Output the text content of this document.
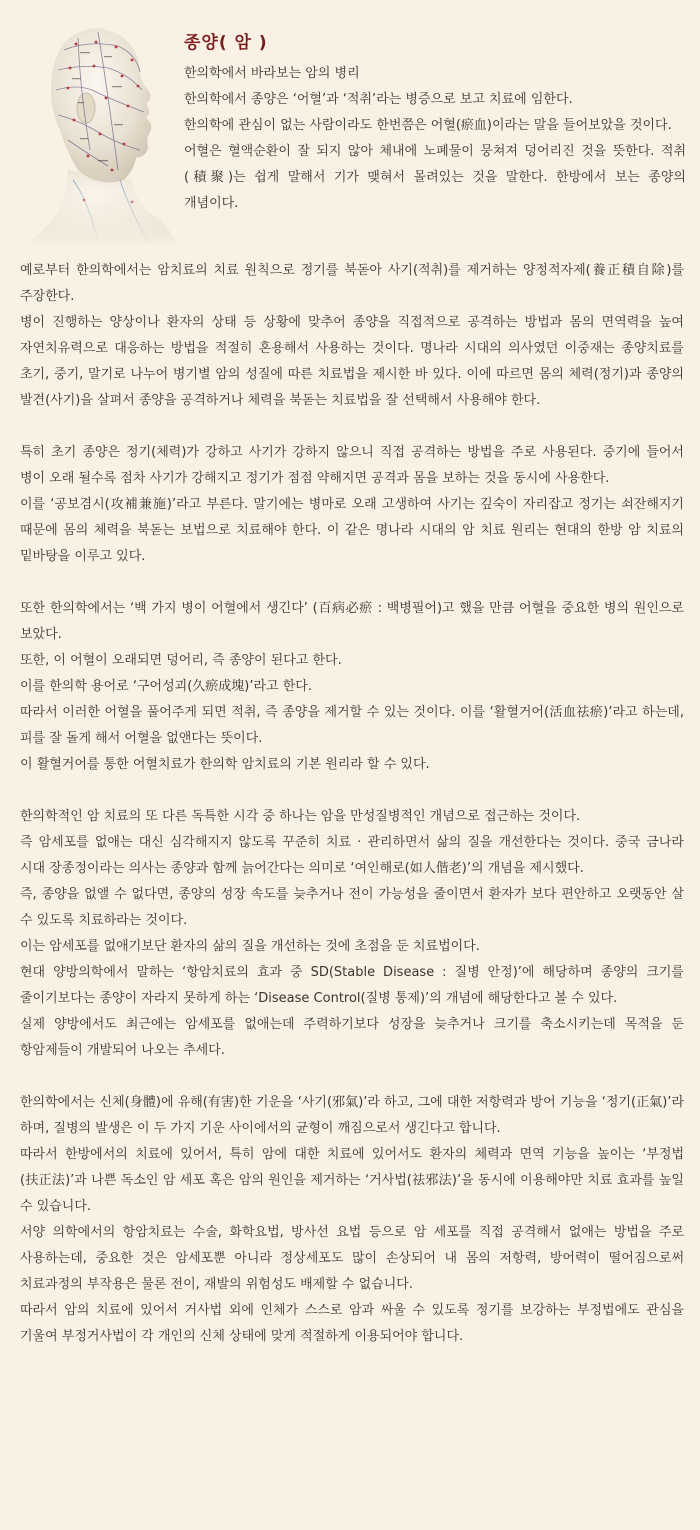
종양( 암 )

한의학에서 바라보는 암의 병리

한의학에서 종양은 ‘어혈’과 ‘적취’라는 병증으로 보고 치료에 임한다.

한의학에 관심이 없는 사람이라도 한번쯤은 어혈(瘀血)이라는 말을 들어보았을 것이다.

어혈은 혈액순환이 잘 되지 않아 체내에 노폐물이 뭉쳐져 덩어리진 것을 뜻한다. 적취(積聚)는 쉽게 말해서 기가 맺혀서 몰려있는 것을 말한다. 한방에서 보는 종양의 개념이다.

예로부터 한의학에서는 암치료의 치료 원칙으로 정기를 북돋아 사기(적취)를 제거하는 양정적자제(養正積自除)를 주장한다.

병이 진행하는 양상이나 환자의 상태 등 상황에 맞추어 종양을 직접적으로 공격하는 방법과 몸의 면역력을 높여 자연치유력으로 대응하는 방법을 적절히 혼용해서 사용하는 것이다. 명나라 시대의 의사였던 이중재는 종양치료를 초기, 중기, 말기로 나누어 병기별 암의 성질에 따른 치료법을 제시한 바 있다. 이에 따르면 몸의 체력(정기)과 종양의 발견(사기)을 살펴서 종양을 공격하거나 체력을 북돋는 치료법을 잘 선택해서 사용해야 한다.

특히 초기 종양은 정기(체력)가 강하고 사기가 강하지 않으니 직접 공격하는 방법을 주로 사용된다. 중기에 들어서 병이 오래 될수록 점차 사기가 강해지고 정기가 점점 약해지면 공격과 몸을 보하는 것을 동시에 사용한다.

이를 ‘공보겸시(攻補兼施)’라고 부른다. 말기에는 병마로 오래 고생하여 사기는 깊숙이 자리잡고 정기는 쇠잔해지기 때문에 몸의 체력을 북돋는 보법으로 치료해야 한다. 이 같은 명나라 시대의 암 치료 원리는 현대의 한방 암 치료의 밑바탕을 이루고 있다.

또한 한의학에서는 ‘백 가지 병이 어혈에서 생긴다’ (百病必瘀 : 백병필어)고 했을 만큼 어혈을 중요한 병의 원인으로 보았다.

또한, 이 어혈이 오래되면 덩어리, 즉 종양이 된다고 한다.

이를 한의학 용어로 ‘구어성괴(久瘀成塊)’라고 한다.

따라서 이러한 어혈을 풀어주게 되면 적취, 즉 종양을 제거할 수 있는 것이다. 이를 ‘활혈거어(活血祛瘀)’라고 하는데, 피를 잘 돌게 해서 어혈을 없앤다는 뜻이다.

이 활혈거어를 통한 어혈치료가 한의학 암치료의 기본 원리라 할 수 있다.

한의학적인 암 치료의 또 다른 독특한 시각 중 하나는 암을 만성질병적인 개념으로 접근하는 것이다.

즉 암세포를 없애는 대신 심각해지지 않도록 꾸준히 치료 · 관리하면서 삶의 질을 개선한다는 것이다. 중국 금나라 시대 장종정이라는 의사는 종양과 함께 늙어간다는 의미로 ‘여인해로(如人偕老)’의 개념을 제시했다.

즉, 종양을 없앨 수 없다면, 종양의 성장 속도를 늦추거나 전이 가능성을 줄이면서 환자가 보다 편안하고 오랫동안 살 수 있도록 치료하라는 것이다.

이는 암세포를 없애기보단 환자의 삶의 질을 개선하는 것에 초점을 둔 치료법이다.

현대 양방의학에서 말하는 ‘항암치료의 효과 중 SD(Stable Disease : 질병 안정)’에 해당하며 종양의 크기를 줄이기보다는 종양이 자라지 못하게 하는 ‘Disease Control(질병 통제)’의 개념에 해당한다고 볼 수 있다.

실제 양방에서도 최근에는 암세포를 없애는데 주력하기보다 성장을 늦추거나 크기를 축소시키는데 목적을 둔 항암제들이 개발되어 나오는 추세다.

한의학에서는 신체(身體)에 유해(有害)한 기운을 ‘사기(邪氣)’라 하고, 그에 대한 저항력과 방어 기능을 ‘정기(正氣)’라 하며, 질병의 발생은 이 두 가지 기운 사이에서의 균형이 깨짐으로서 생긴다고 합니다.

따라서 한방에서의 치료에 있어서, 특히 암에 대한 치료에 있어서도 환자의 체력과 면역 기능을 높이는 ‘부정법(扶正法)’과 나쁜 독소인 암 세포 혹은 암의 원인을 제거하는 ‘거사법(祛邪法)’을 동시에 이용해야만 치료 효과를 높일 수 있습니다.

서양 의학에서의 항암치료는 수술, 화학요법, 방사선 요법 등으로 암 세포를 직접 공격해서 없애는 방법을 주로 사용하는데, 중요한 것은 암세포뿐 아니라 정상세포도 많이 손상되어 내 몸의 저항력, 방어력이 떨어짐으로써 치료과정의 부작용은 물론 전이, 재발의 위험성도 배제할 수 없습니다.

따라서 암의 치료에 있어서 거사법 외에 인체가 스스로 암과 싸울 수 있도록 정기를 보강하는 부정법에도 관심을 기울여 부정거사법이 각 개인의 신체 상태에 맞게 적절하게 이용되어야 합니다.
